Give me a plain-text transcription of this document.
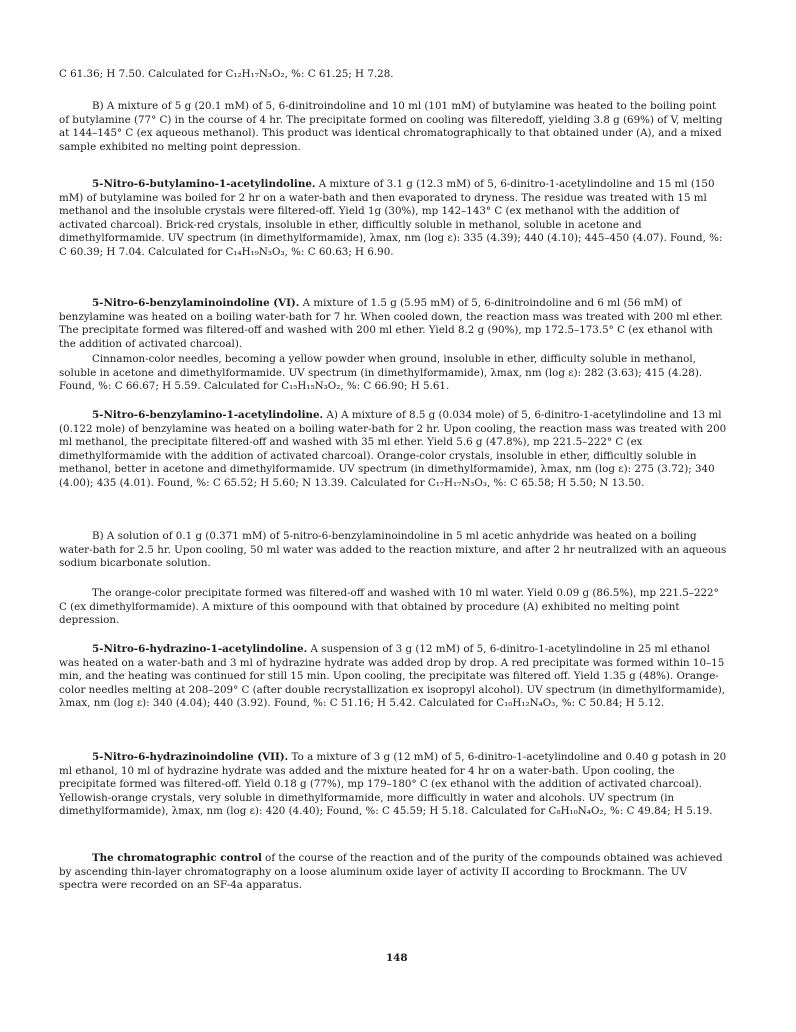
C 61.36; H 7.50. Calculated for C₁₂H₁₇N₃O₂, %: C 61.25; H 7.28.

B) A mixture of 5 g (20.1 mM) of 5, 6-dinitroindoline and 10 ml (101 mM) of butylamine was heated to the boiling point of butylamine (77° C) in the course of 4 hr. The precipitate formed on cooling was filteredoff, yielding 3.8 g (69%) of V, melting at 144–145° C (ex aqueous methanol). This product was identical chromatographically to that obtained under (A), and a mixed sample exhibited no melting point depression.

5-Nitro-6-butylamino-1-acetylindoline. A mixture of 3.1 g (12.3 mM) of 5, 6-dinitro-1-acetylindoline and 15 ml (150 mM) of butylamine was boiled for 2 hr on a water-bath and then evaporated to dryness. The residue was treated with 15 ml methanol and the insoluble crystals were filtered-off. Yield 1g (30%), mp 142–143° C (ex methanol with the addition of activated charcoal). Brick-red crystals, insoluble in ether, difficultly soluble in methanol, soluble in acetone and dimethylformamide. UV spectrum (in dimethylformamide), λmax, nm (log ε): 335 (4.39); 440 (4.10); 445–450 (4.07). Found, %: C 60.39; H 7.04. Calculated for C₁₄H₁₉N₃O₃, %: C 60.63; H 6.90.

5-Nitro-6-benzylaminoindoline (VI). A mixture of 1.5 g (5.95 mM) of 5, 6-dinitroindoline and 6 ml (56 mM) of benzylamine was heated on a boiling water-bath for 7 hr. When cooled down, the reaction mass was treated with 200 ml ether. The precipitate formed was filtered-off and washed with 200 ml ether. Yield 8.2 g (90%), mp 172.5–173.5° C (ex ethanol with the addition of activated charcoal).

Cinnamon-color needles, becoming a yellow powder when ground, insoluble in ether, difficulty soluble in methanol, soluble in acetone and dimethylformamide. UV spectrum (in dimethylformamide), λmax, nm (log ε): 282 (3.63); 415 (4.28). Found, %: C 66.67; H 5.59. Calculated for C₁₅H₁₅N₃O₂, %: C 66.90; H 5.61.

5-Nitro-6-benzylamino-1-acetylindoline. A) A mixture of 8.5 g (0.034 mole) of 5, 6-dinitro-1-acetylindoline and 13 ml (0.122 mole) of benzylamine was heated on a boiling water-bath for 2 hr. Upon cooling, the reaction mass was treated with 200 ml methanol, the precipitate filtered-off and washed with 35 ml ether. Yield 5.6 g (47.8%), mp 221.5–222° C (ex dimethylformamide with the addition of activated charcoal). Orange-color crystals, insoluble in ether, difficultly soluble in methanol, better in acetone and dimethylformamide. UV spectrum (in dimethylformamide), λmax, nm (log ε): 275 (3.72); 340 (4.00); 435 (4.01). Found, %: C 65.52; H 5.60; N 13.39. Calculated for C₁₇H₁₇N₃O₃, %: C 65.58; H 5.50; N 13.50.

B) A solution of 0.1 g (0.371 mM) of 5-nitro-6-benzylaminoindoline in 5 ml acetic anhydride was heated on a boiling water-bath for 2.5 hr. Upon cooling, 50 ml water was added to the reaction mixture, and after 2 hr neutralized with an aqueous sodium bicarbonate solution.

The orange-color precipitate formed was filtered-off and washed with 10 ml water. Yield 0.09 g (86.5%), mp 221.5–222° C (ex dimethylformamide). A mixture of this oompound with that obtained by procedure (A) exhibited no melting point depression.

5-Nitro-6-hydrazino-1-acetylindoline. A suspension of 3 g (12 mM) of 5, 6-dinitro-1-acetylindoline in 25 ml ethanol was heated on a water-bath and 3 ml of hydrazine hydrate was added drop by drop. A red precipitate was formed within 10–15 min, and the heating was continued for still 15 min. Upon cooling, the precipitate was filtered off. Yield 1.35 g (48%). Orange-color needles melting at 208–209° C (after double recrystallization ex isopropyl alcohol). UV spectrum (in dimethylformamide), λmax, nm (log ε): 340 (4.04); 440 (3.92). Found, %: C 51.16; H 5.42. Calculated for C₁₀H₁₂N₄O₃, %: C 50.84; H 5.12.

5-Nitro-6-hydrazinoindoline (VII). To a mixture of 3 g (12 mM) of 5, 6-dinitro-1-acetylindoline and 0.40 g potash in 20 ml ethanol, 10 ml of hydrazine hydrate was added and the mixture heated for 4 hr on a water-bath. Upon cooling, the precipitate formed was filtered-off. Yield 0.18 g (77%), mp 179–180° C (ex ethanol with the addition of activated charcoal). Yellowish-orange crystals, very soluble in dimethylformamide, more difficultly in water and alcohols. UV spectrum (in dimethylformamide), λmax, nm (log ε): 420 (4.40); Found, %: C 45.59; H 5.18. Calculated for C₈H₁₀N₄O₂, %: C 49.84; H 5.19.

The chromatographic control of the course of the reaction and of the purity of the compounds obtained was achieved by ascending thin-layer chromatography on a loose aluminum oxide layer of activity II according to Brockmann. The UV spectra were recorded on an SF-4a apparatus.

148
